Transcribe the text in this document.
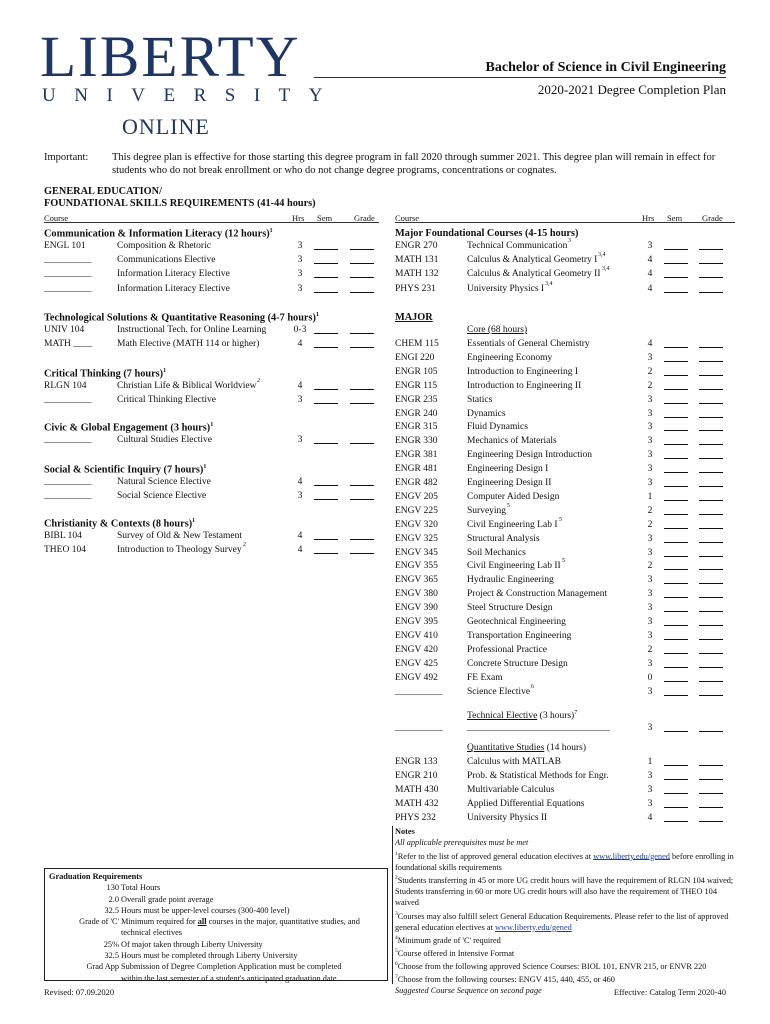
LIBERTY
UNIVERSITY
ONLINE
Bachelor of Science in Civil Engineering
2020-2021 Degree Completion Plan
Important: This degree plan is effective for those starting this degree program in fall 2020 through summer 2021. This degree plan will remain in effect for students who do not break enrollment or who do not change degree programs, concentrations or cognates.
GENERAL EDUCATION/
FOUNDATIONAL SKILLS REQUIREMENTS (41-44 hours)
Course	Hrs Sem	Grade
Communication & Information Literacy (12 hours)$^1$
ENGL 101	Composition & Rhetoric	3
__________	Communications Elective	3
__________	Information Literacy Elective	3
__________	Information Literacy Elective	3
Technological Solutions & Quantitative Reasoning (4-7 hours)$^1$
UNIV 104	Instructional Tech. for Online Learning	0-3
MATH ____	Math Elective (MATH 114 or higher)	4
Critical Thinking (7 hours)$^1$
RLGN 104	Christian Life & Biblical Worldview 2	4
__________	Critical Thinking Elective	3
Civic & Global Engagement (3 hours)$^1$
__________	Cultural Studies Elective	3
Social & Scientific Inquiry (7 hours)$^1$
__________	Natural Science Elective	4
__________	Social Science Elective	3
Christianity & Contexts (8 hours)$^1$
BIBL 104	Survey of Old & New Testament	4
THEO 104	Introduction to Theology Survey 2	4
Course	Hrs Sem Grade
Major Foundational Courses (4-15 hours)
ENGR 270	Technical Communication 3	3
MATH 131	Calculus & Analytical Geometry I 3,4	4
MATH 132	Calculus & Analytical Geometry II 3,4	4
PHYS 231	University Physics I 3,4	4
MAJOR
Core (68 hours)
CHEM 115	Essentials of General Chemistry	4
ENGI 220	Engineering Economy	3
ENGR 105	Introduction to Engineering I	2
ENGR 115	Introduction to Engineering II	2
ENGR 235	Statics	3
ENGR 240	Dynamics	3
ENGR 315	Fluid Dynamics	3
ENGR 330	Mechanics of Materials	3
ENGR 381	Engineering Design Introduction	3
ENGR 481	Engineering Design I	3
ENGR 482	Engineering Design II	3
ENGV 205	Computer Aided Design	1
ENGV 225	Surveying 5	2
ENGV 320	Civil Engineering Lab I 5	2
ENGV 325	Structural Analysis	3
ENGV 345	Soil Mechanics	3
ENGV 355	Civil Engineering Lab II 5	2
ENGV 365	Hydraulic Engineering	3
ENGV 380	Project & Construction Management	3
ENGV 390	Steel Structure Design	3
ENGV 395	Geotechnical Engineering	3
ENGV 410	Transportation Engineering	3
ENGV 420	Professional Practice	2
ENGV 425	Concrete Structure Design	3
ENGV 492	FE Exam	0
__________	Science Elective 6	3
Technical Elective (3 hours)$^7$
__________	______________________________	3
Quantitative Studies (14 hours)
ENGR 133	Calculus with MATLAB	1
ENGR 210	Prob. & Statistical Methods for Engr.	3
MATH 430	Multivariable Calculus	3
MATH 432	Applied Differential Equations	3
PHYS 232	University Physics II	4

Notes

All applicable prerequisites must be met

$^1$Refer to the list of approved general education electives at www.liberty.edu/gened before enrolling in foundational skills requirements

$^2$Students transferring in 45 or more UG credit hours will have the requirement of RLGN 104 waived; Students transferring in 60 or more UG credit hours will also have the requirement of THEO 104 waived

$^3$Courses may also fulfill select General Education Requirements. Please refer to the list of approved general education electives at www.liberty.edu/gened

$^4$Minimum grade of 'C' required

$^5$Course offered in Intensive Format

$^6$Choose from the following approved Science Courses: BIOL 101, ENVR 215, or ENVR 220

$^7$Choose from the following courses: ENGV 415, 440, 455, or 460

Suggested Course Sequence on second page

Graduation Requirements
130 Total Hours
2.0 Overall grade point average
32.5 Hours must be upper-level courses (300-400 level)
Grade of 'C' Minimum required for all courses in the major, quantitative studies, and
technical electives
25% Of major taken through Liberty University
32.5 Hours must be completed through Liberty University
Grad App Submission of Degree Completion Application must be completed
within the last semester of a student's anticipated graduation date
Revised: 07.09.2020	Effective: Catalog Term 2020-40
